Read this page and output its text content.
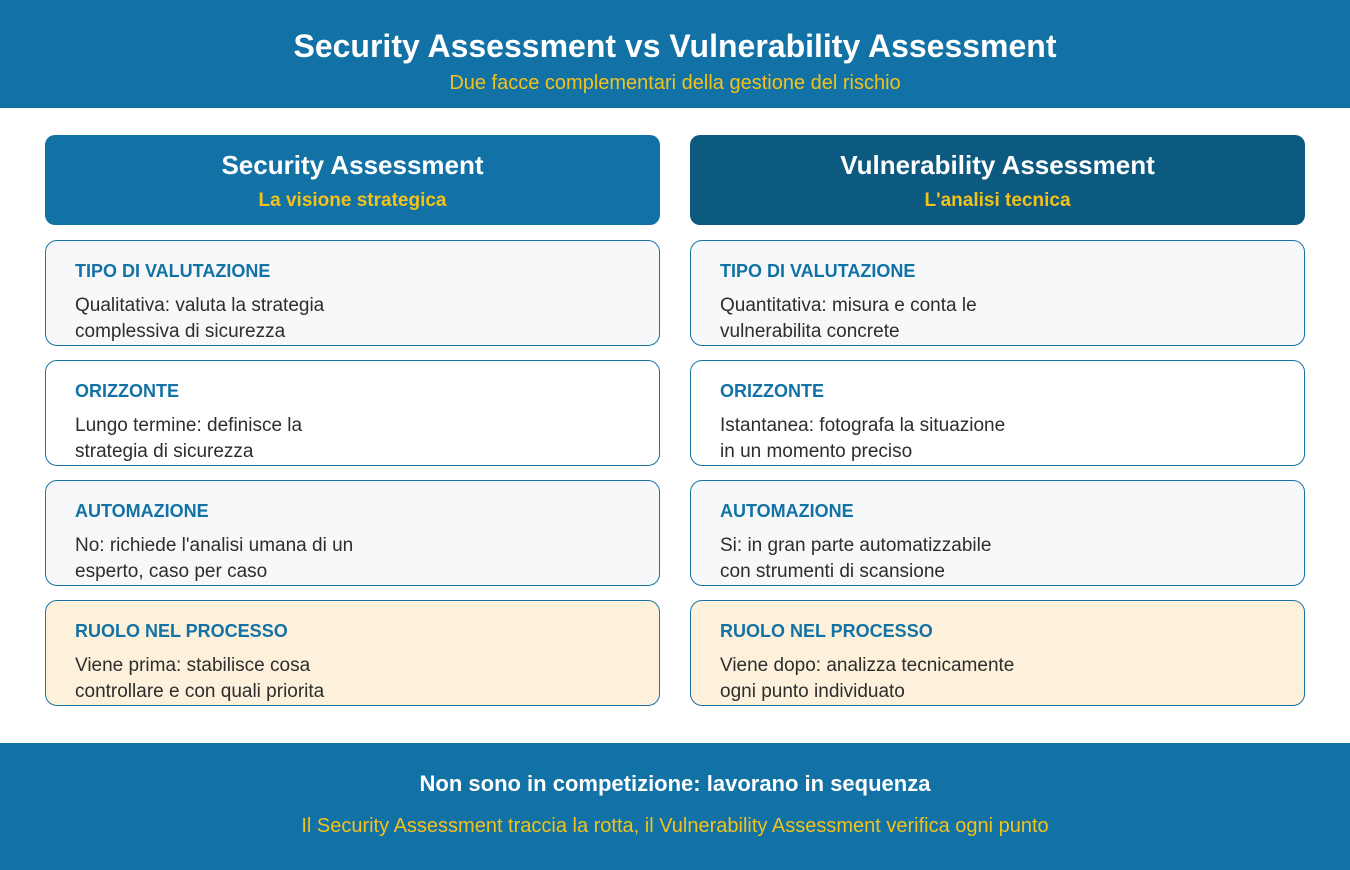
Security Assessment vs Vulnerability Assessment
Due facce complementari della gestione del rischio
Security Assessment
La visione strategica
TIPO DI VALUTAZIONE
Qualitativa: valuta la strategia
complessiva di sicurezza
ORIZZONTE
Lungo termine: definisce la
strategia di sicurezza
AUTOMAZIONE
No: richiede l'analisi umana di un
esperto, caso per caso
RUOLO NEL PROCESSO
Viene prima: stabilisce cosa
controllare e con quali priorita
Vulnerability Assessment
L'analisi tecnica
TIPO DI VALUTAZIONE
Quantitativa: misura e conta le
vulnerabilita concrete
ORIZZONTE
Istantanea: fotografa la situazione
in un momento preciso
AUTOMAZIONE
Si: in gran parte automatizzabile
con strumenti di scansione
RUOLO NEL PROCESSO
Viene dopo: analizza tecnicamente
ogni punto individuato
Non sono in competizione: lavorano in sequenza
Il Security Assessment traccia la rotta, il Vulnerability Assessment verifica ogni punto
